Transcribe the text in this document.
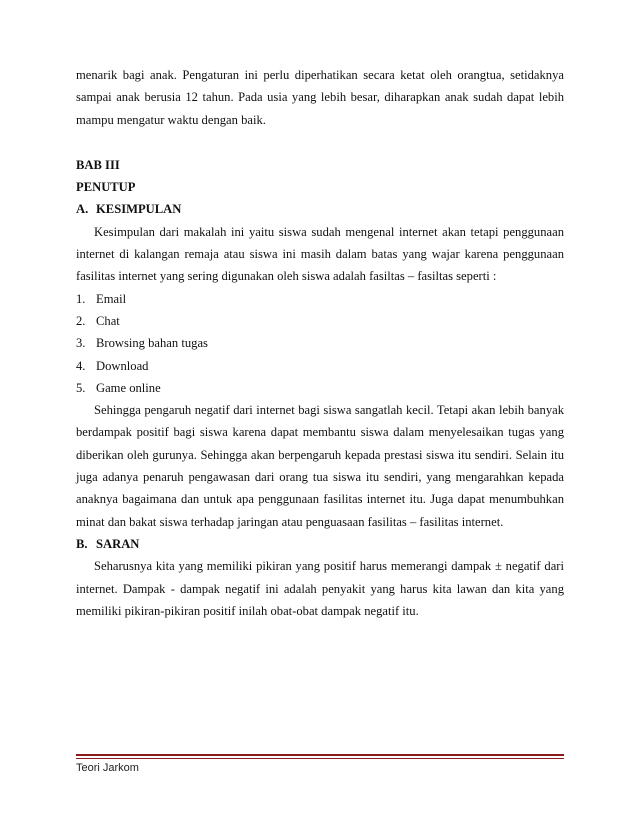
menarik bagi anak. Pengaturan ini perlu diperhatikan secara ketat oleh orangtua, setidaknya sampai anak berusia 12 tahun. Pada usia yang lebih besar, diharapkan anak sudah dapat lebih mampu mengatur waktu dengan baik.

BAB III

PENUTUP

A. KESIMPULAN

Kesimpulan dari makalah ini yaitu siswa sudah mengenal internet akan tetapi penggunaan internet di kalangan remaja atau siswa ini masih dalam batas yang wajar karena penggunaan fasilitas internet yang sering digunakan oleh siswa adalah fasiltas – fasiltas seperti :

1. Email
2. Chat
3. Browsing bahan tugas
4. Download
5. Game online

Sehingga pengaruh negatif dari internet bagi siswa sangatlah kecil. Tetapi akan lebih banyak berdampak positif bagi siswa karena dapat membantu siswa dalam menyelesaikan tugas yang diberikan oleh gurunya. Sehingga akan berpengaruh kepada prestasi siswa itu sendiri. Selain itu juga adanya penaruh pengawasan dari orang tua siswa itu sendiri, yang mengarahkan kepada anaknya bagaimana dan untuk apa penggunaan fasilitas internet itu. Juga dapat menumbuhkan minat dan bakat siswa terhadap jaringan atau penguasaan fasilitas – fasilitas internet.

B. SARAN

Seharusnya kita yang memiliki pikiran yang positif harus memerangi dampak ± negatif dari internet. Dampak - dampak negatif ini adalah penyakit yang harus kita lawan dan kita yang memiliki pikiran-pikiran positif inilah obat-obat dampak negatif itu.

Teori Jarkom
